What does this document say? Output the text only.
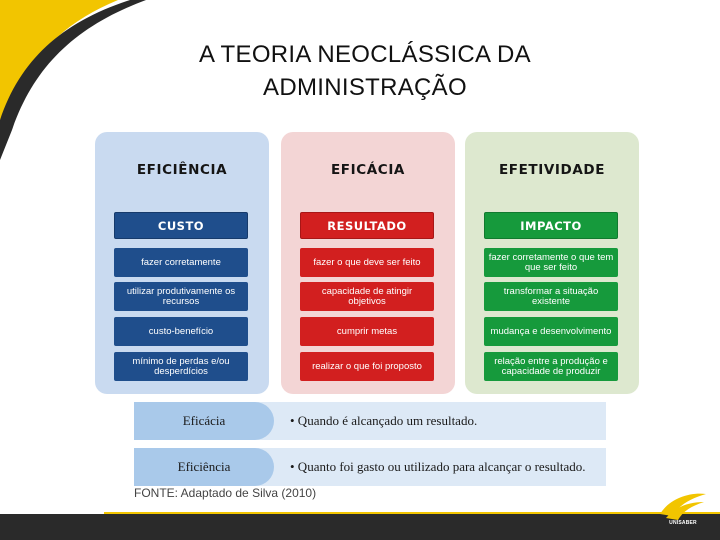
A TEORIA NEOCLÁSSICA DA
ADMINISTRAÇÃO
EFICIÊNCIA
CUSTO
fazer corretamente
utilizar produtivamente os recursos
custo-benefício
mínimo de perdas e/ou desperdícios
EFICÁCIA
RESULTADO
fazer o que deve ser feito
capacidade de atingir objetivos
cumprir metas
realizar o que foi proposto
EFETIVIDADE
IMPACTO
fazer corretamente o que tem que ser feito
transformar a situação existente
mudança e desenvolvimento
relação entre a produção e capacidade de produzir
Eficácia	• Quando é alcançado um resultado.
Eficiência	• Quanto foi gasto ou utilizado para alcançar o resultado.
FONTE: Adaptado de Silva (2010)
UNISABER
